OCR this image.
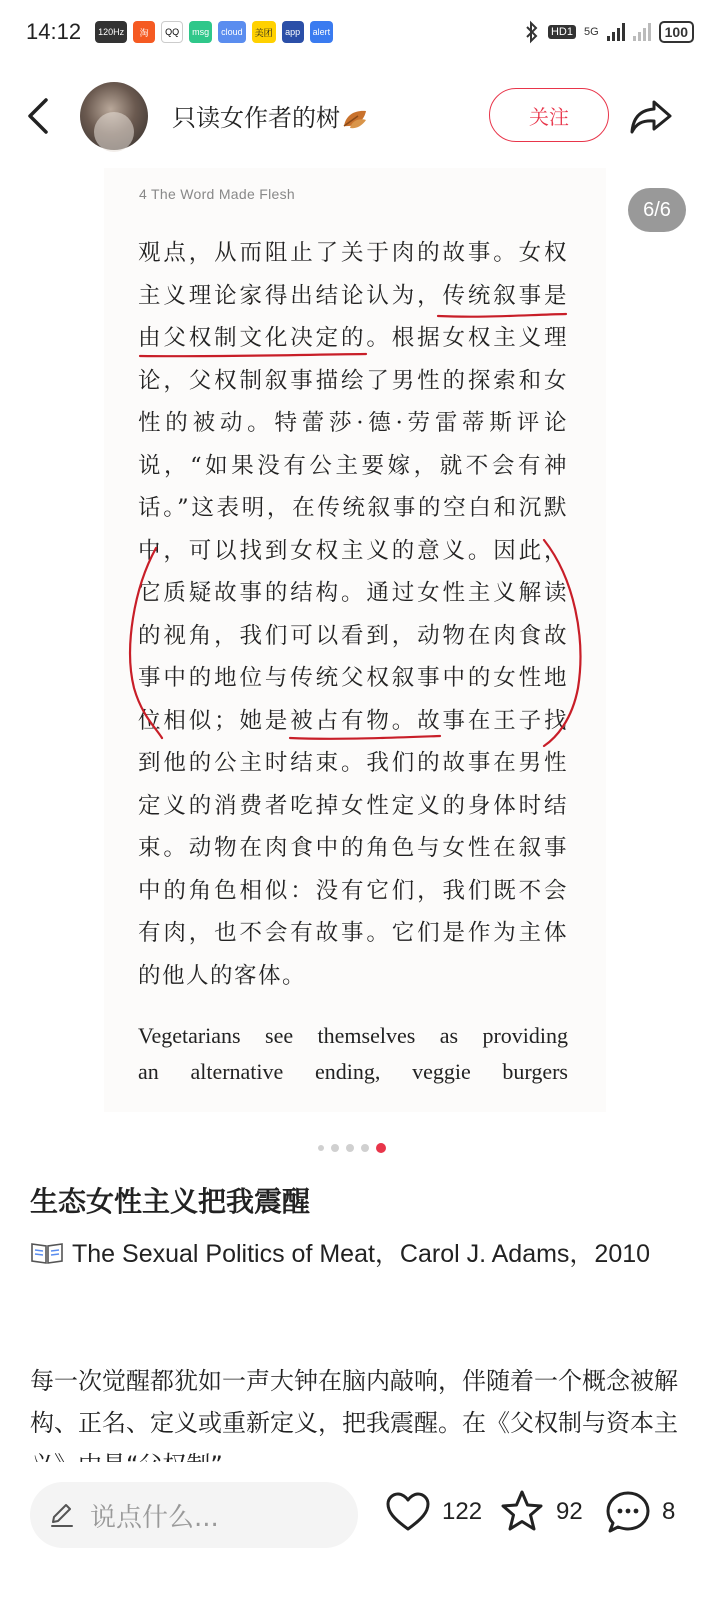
14:12	120Hz	淘	QQ	msg	cloud	美团	app	alert	HD1 5G	100
只读女作者的树	关注
4 The Word Made Flesh
观点，从而阻止了关于肉的故事。女权主义理论家得出结论认为，传统叙事是由父权制文化决定的。根据女权主义理论，父权制叙事描绘了男性的探索和女性的被动。特蕾莎·德·劳雷蒂斯评论说，“如果没有公主要嫁，就不会有神话。”这表明，在传统叙事的空白和沉默中，可以找到女权主义的意义。因此，它质疑故事的结构。通过女性主义解读的视角，我们可以看到，动物在肉食故事中的地位与传统父权叙事中的女性地位相似；她是被占有物。故事在王子找到他的公主时结束。我们的故事在男性定义的消费者吃掉女性定义的身体时结束。动物在肉食中的角色与女性在叙事中的角色相似：没有它们，我们既不会有肉，也不会有故事。它们是作为主体的他人的客体。
Vegetarians see themselves as providing
an alternative ending, veggie burgers
6/6
生态女性主义把我震醒
The Sexual Politics of Meat，Carol J. Adams，2010
每一次觉醒都犹如一声大钟在脑内敲响，伴随着一个概念被解构、正名、定义或重新定义，把我震醒。在《父权制与资本主
说点什么...	122	92	8
